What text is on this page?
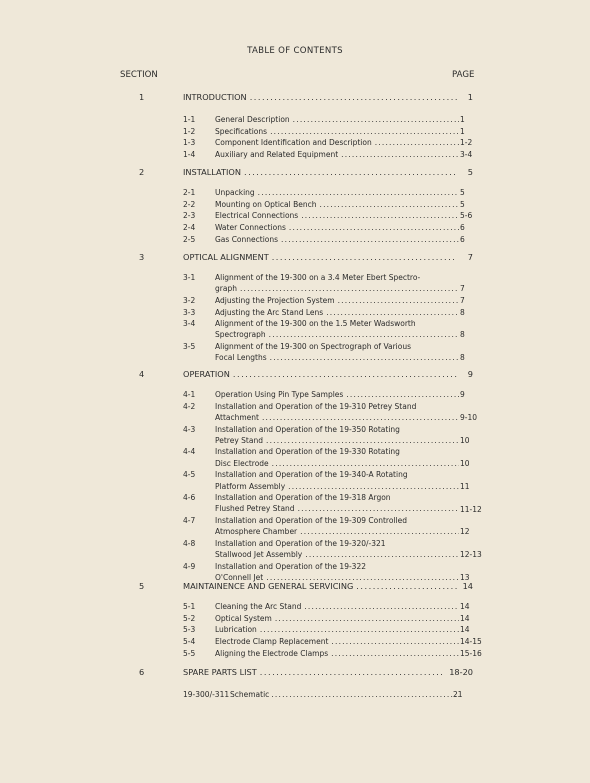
TABLE OF CONTENTS
SECTION	PAGE
1	INTRODUCTION .....	1
1-1	General Description .....	1
1-2	Specifications .....	1
1-3	Component Identification and Description .....	1-2
1-4	Auxiliary and Related Equipment .....	3-4
2	INSTALLATION .....	5
2-1	Unpacking .....	5
2-2	Mounting on Optical Bench .....	5
2-3	Electrical Connections .....	5-6
2-4	Water Connections .....	6
2-5	Gas Connections .....	6
3	OPTICAL ALIGNMENT .....	7
3-1	Alignment of the 19-300 on a 3.4 Meter Ebert Spectro-
graph .....	7
3-2	Adjusting the Projection System .....	7
3-3	Adjusting the Arc Stand Lens .....	8
3-4	Alignment of the 19-300 on the 1.5 Meter Wadsworth
Spectrograph .....	8
3-5	Alignment of the 19-300 on Spectrograph of Various
Focal Lengths .....	8
4	OPERATION .....	9
4-1	Operation Using Pin Type Samples .....	9
4-2	Installation and Operation of the 19-310 Petrey Stand
Attachment .....	9-10
4-3	Installation and Operation of the 19-350 Rotating
Petrey Stand .....	10
4-4	Installation and Operation of the 19-330 Rotating
Disc Electrode .....	10
4-5	Installation and Operation of the 19-340-A Rotating
Platform Assembly .....	11
4-6	Installation and Operation of the 19-318 Argon
Flushed Petrey Stand .....	11-12
4-7	Installation and Operation of the 19-309 Controlled
Atmosphere Chamber .....	12
4-8	Installation and Operation of the 19-320/-321
Stallwood Jet Assembly .....	12-13
4-9	Installation and Operation of the 19-322
O'Connell Jet .....	13
5	MAINTAINENCE AND GENERAL SERVICING .....	14
5-1	Cleaning the Arc Stand .....	14
5-2	Optical System .....	14
5-3	Lubrication .....	14
5-4	Electrode Clamp Replacement .....	14-15
5-5	Aligning the Electrode Clamps .....	15-16
6	SPARE PARTS LIST .....	18-20
19-300/-311 Schematic .....	21
